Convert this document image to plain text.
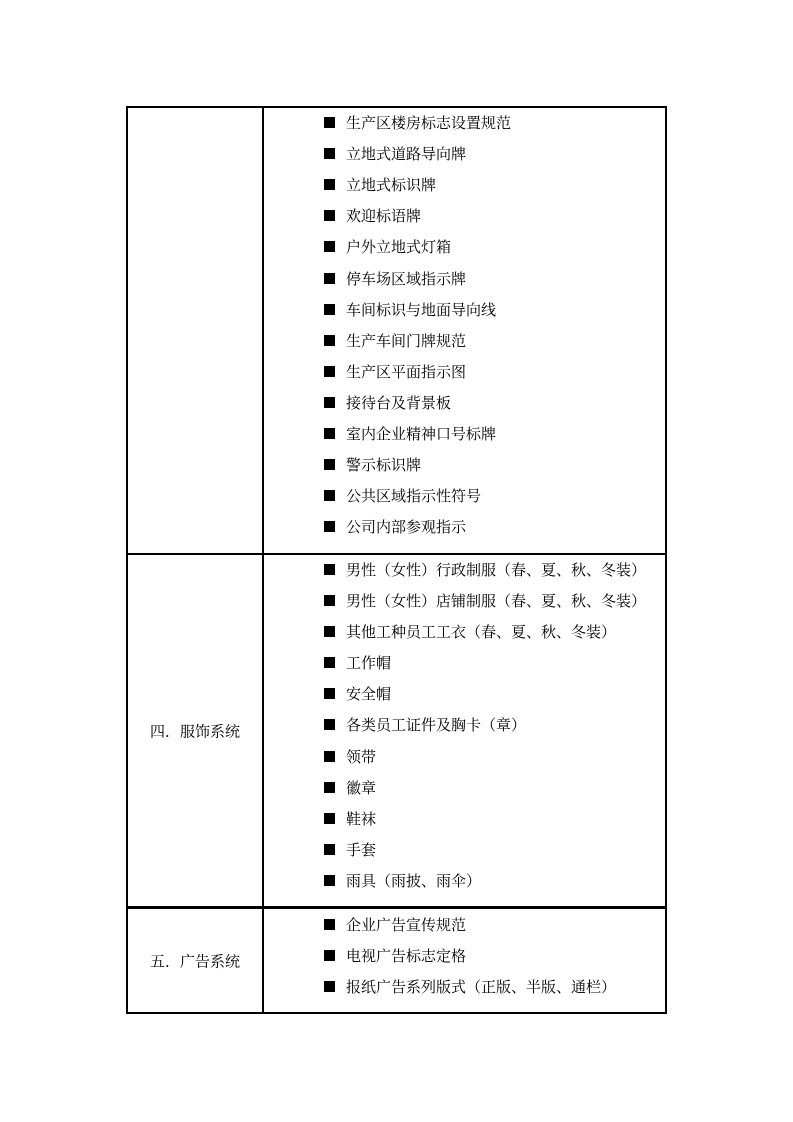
生产区楼房标志设置规范
立地式道路导向牌
立地式标识牌
欢迎标语牌
户外立地式灯箱
停车场区域指示牌
车间标识与地面导向线
生产车间门牌规范
生产区平面指示图
接待台及背景板
室内企业精神口号标牌
警示标识牌
公共区域指示性符号
公司内部参观指示
四．服饰系统
男性（女性）行政制服（春、夏、秋、冬装）
男性（女性）店铺制服（春、夏、秋、冬装）
其他工种员工工衣（春、夏、秋、冬装）
工作帽
安全帽
各类员工证件及胸卡（章）
领带
徽章
鞋袜
手套
雨具（雨披、雨伞）
五．广告系统
企业广告宣传规范
电视广告标志定格
报纸广告系列版式（正版、半版、通栏）
